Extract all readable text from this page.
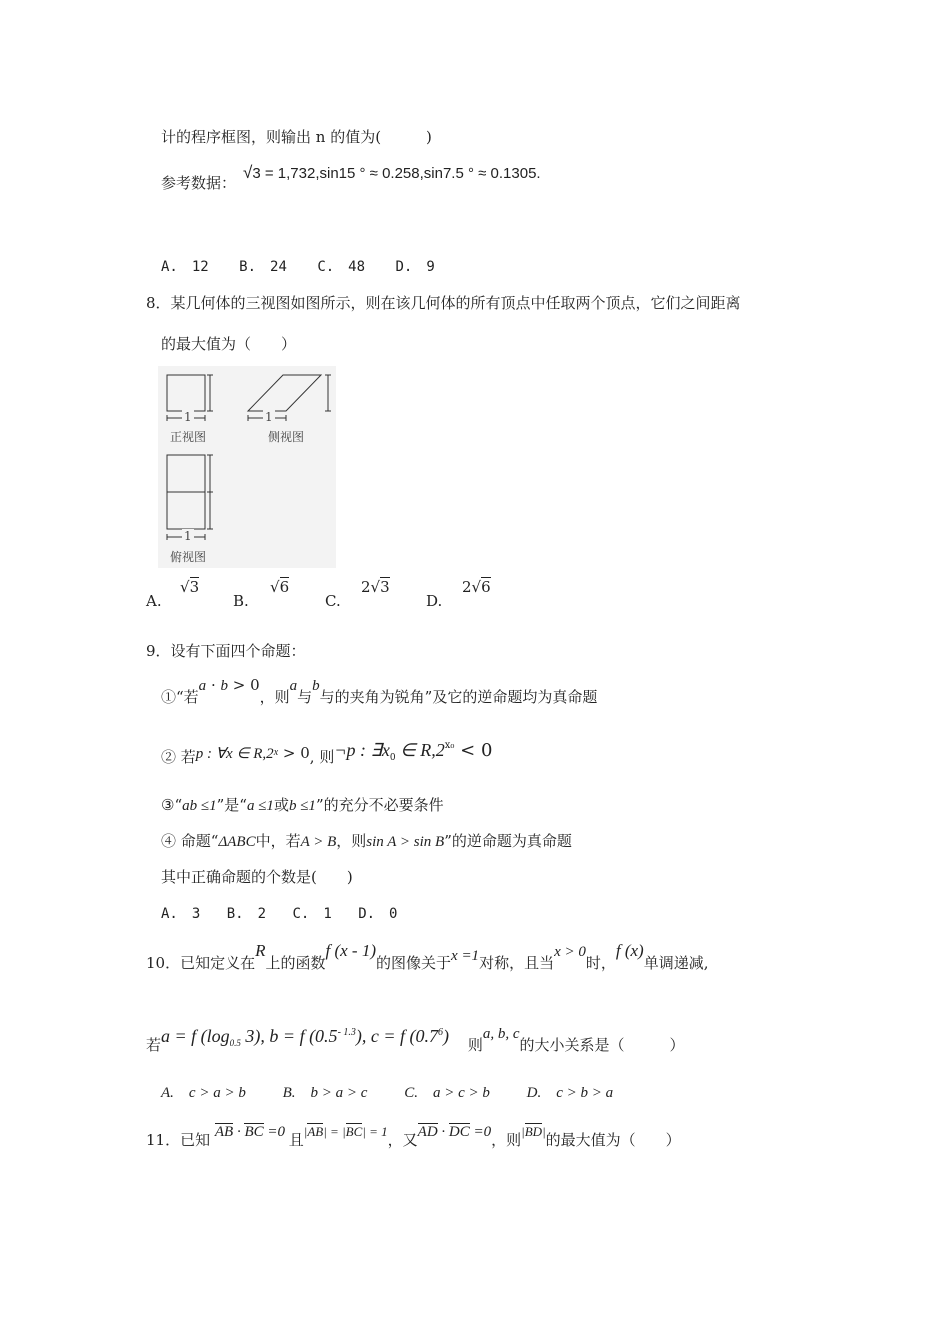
计的程序框图，则输出 n 的值为(　　　)
参考数据：
√3 = 1,732,sin15 ° ≈ 0.258,sin7.5 ° ≈ 0.1305.
A.　12 B.　24 C.　48 D.　9
8．某几何体的三视图如图所示，则在该几何体的所有顶点中任取两个顶点，它们之间距离
的最大值为（　　）
1	1
1
正视图	侧视图
俯视图
A.
√3
B.
√6
C.
2√3
D.
2√6
9．设有下面四个命题：
①“若a · b > 0，则a与b与的夹角为锐角”及它的逆命题均为真命题
② 若p : ∀x ∈ $R,2^x > 0$, 则¬p : ∃x0 ∈ $R,2^{x_0} < 0$
③“ab ≤1”是“a ≤1或b ≤1”的充分不必要条件
④ 命题“ΔABC中，若A > B，则sin A > sin B”的逆命题为真命题
其中正确命题的个数是(　　)
A.　3 B.　2 C.　1 D.　0
10．已知定义在R上的函数f (x - 1)的图像关于x =1对称，且当x > 0时，f (x)单调递减,
若a = f ($\log_{0.5}$ 3), b = f $(0.5^{- 1.3})$, c = f $(0.7^6)$ 则a, b, c的大小关系是（　　　）
A.　c > a > b B.　b > a > c C.　a > c > b D.　c > b > a
11．已知 AB · BC =0 且|AB| = |BC| = 1，又AD · DC =0，则|BD|的最大值为（　　）
